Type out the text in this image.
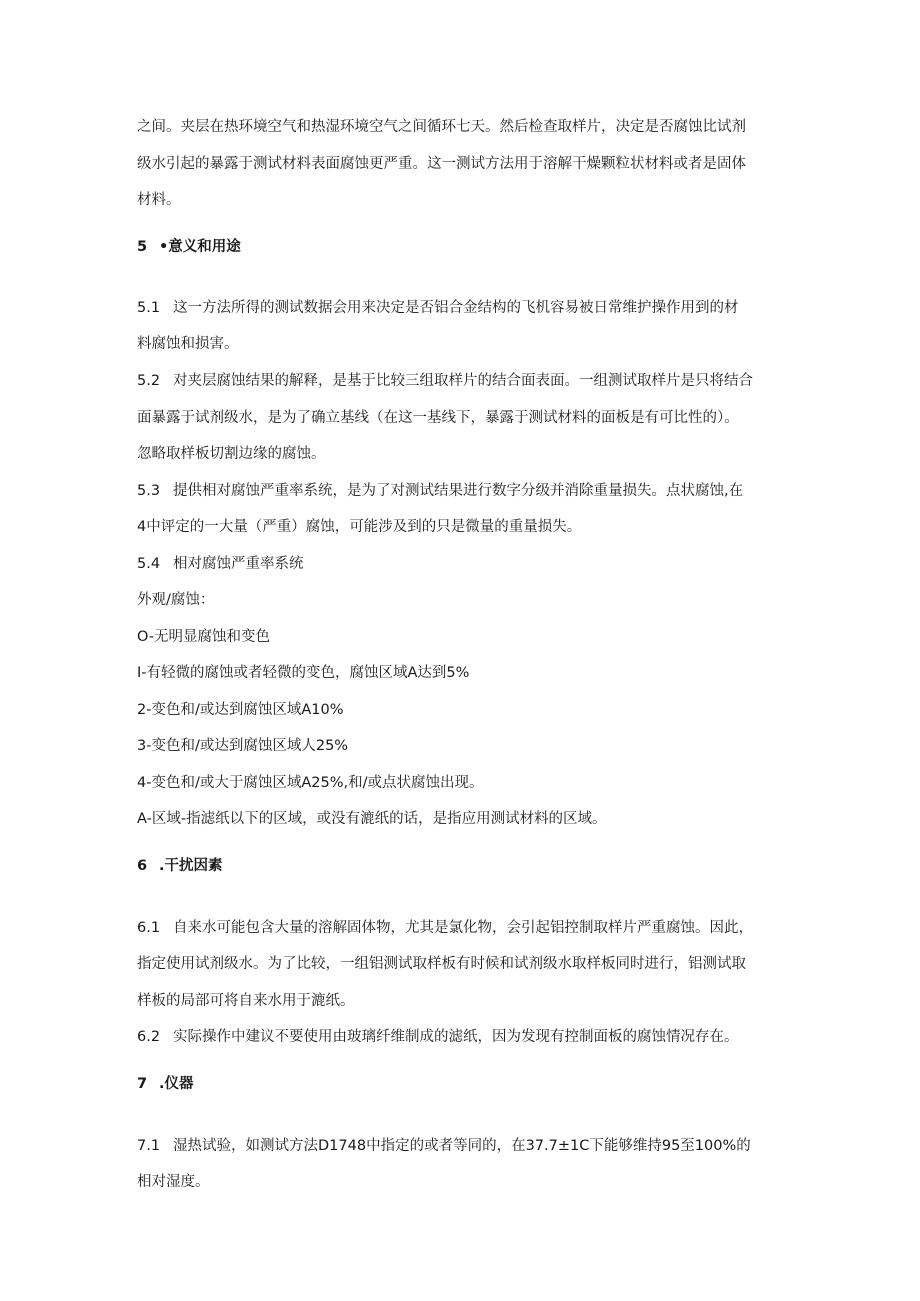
之间。夹层在热环境空气和热湿环境空气之间循环七天。然后检查取样片，决定是否腐蚀比试剂
级水引起的暴露于测试材料表面腐蚀更严重。这一测试方法用于溶解干燥颗粒状材料或者是固体
材料。
5 •意义和用途
5.1 这一方法所得的测试数据会用来决定是否铝合金结构的飞机容易被日常维护操作用到的材
料腐蚀和损害。
5.2 对夹层腐蚀结果的解释，是基于比较三组取样片的结合面表面。一组测试取样片是只将结合
面暴露于试剂级水，是为了确立基线（在这一基线下，暴露于测试材料的面板是有可比性的）。
忽略取样板切割边缘的腐蚀。
5.3 提供相对腐蚀严重率系统，是为了对测试结果进行数字分级并消除重量损失。点状腐蚀,在
4中评定的一大量（严重）腐蚀，可能涉及到的只是微量的重量损失。
5.4 相对腐蚀严重率系统
外观/腐蚀：
O-无明显腐蚀和变色
I-有轻微的腐蚀或者轻微的变色，腐蚀区域A达到5%
2-变色和/或达到腐蚀区域A10%
3-变色和/或达到腐蚀区域人25%
4-变色和/或大于腐蚀区域A25%,和/或点状腐蚀出现。
A-区域-指滤纸以下的区域，或没有漉纸的话，是指应用测试材料的区域。
6 .干扰因素
6.1 自来水可能包含大量的溶解固体物，尤其是氯化物，会引起铝控制取样片严重腐蚀。因此，
指定使用试剂级水。为了比较，一组铝测试取样板有时候和试剂级水取样板同时进行，铝测试取
样板的局部可将自来水用于漉纸。
6.2 实际操作中建议不要使用由玻璃纤维制成的滤纸，因为发现有控制面板的腐蚀情况存在。
7 .仪器
7.1 湿热试验，如测试方法D1748中指定的或者等同的，在37.7±1C下能够维持95至100%的
相对湿度。
